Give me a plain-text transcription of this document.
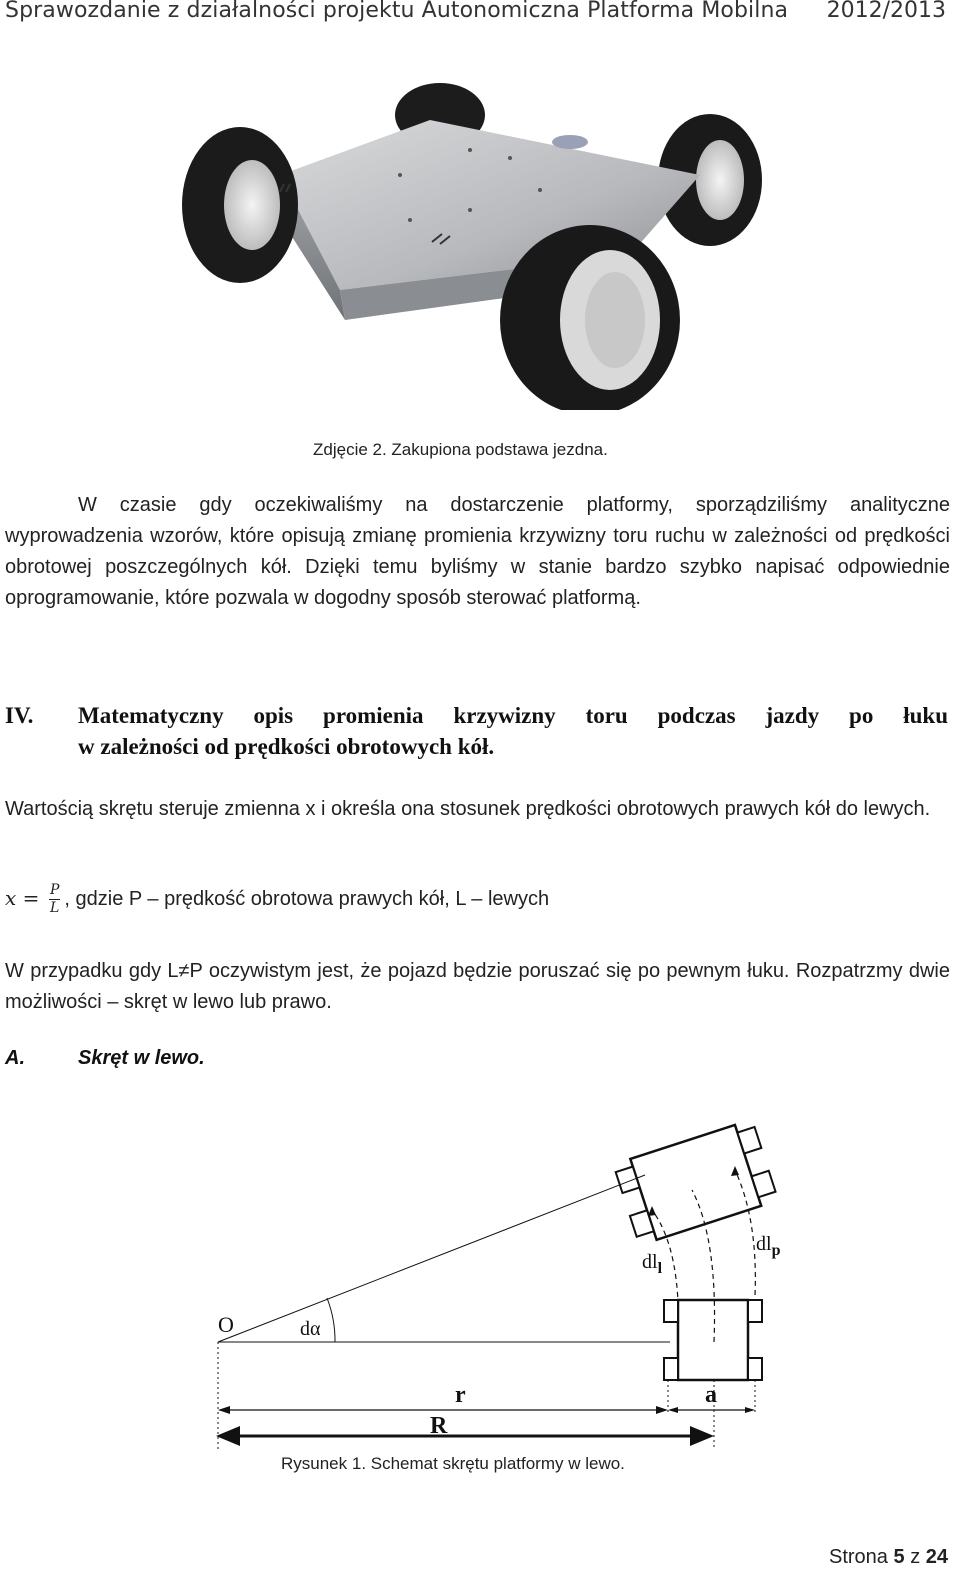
Sprawozdanie z działalności projektu Autonomiczna Platforma Mobilna 2012/2013
Zdjęcie 2. Zakupiona podstawa jezdna.
W czasie gdy oczekiwaliśmy na dostarczenie platformy, sporządziliśmy analityczne wyprowadzenia wzorów, które opisują zmianę promienia krzywizny toru ruchu w zależności od prędkości obrotowej poszczególnych kół. Dzięki temu byliśmy w stanie bardzo szybko napisać odpowiednie oprogramowanie, które pozwala w dogodny sposób sterować platformą.
IV. Matematyczny opis promienia krzywizny toru podczas jazdy po łuku
w zależności od prędkości obrotowych kół.
Wartością skrętu steruje zmienna x i określa ona stosunek prędkości obrotowych prawych kół do lewych.
$x = \frac{P}{L}$ , gdzie P – prędkość obrotowa prawych kół, L – lewych
W przypadku gdy L≠P oczywistym jest, że pojazd będzie poruszać się po pewnym łuku. Rozpatrzmy dwie możliwości – skręt w lewo lub prawo.
A.	Skręt w lewo.
O	dα
$dl_l$
$dl_p$
r	a
R
Rysunek 1. Schemat skrętu platformy w lewo.
Strona 5 z 24
